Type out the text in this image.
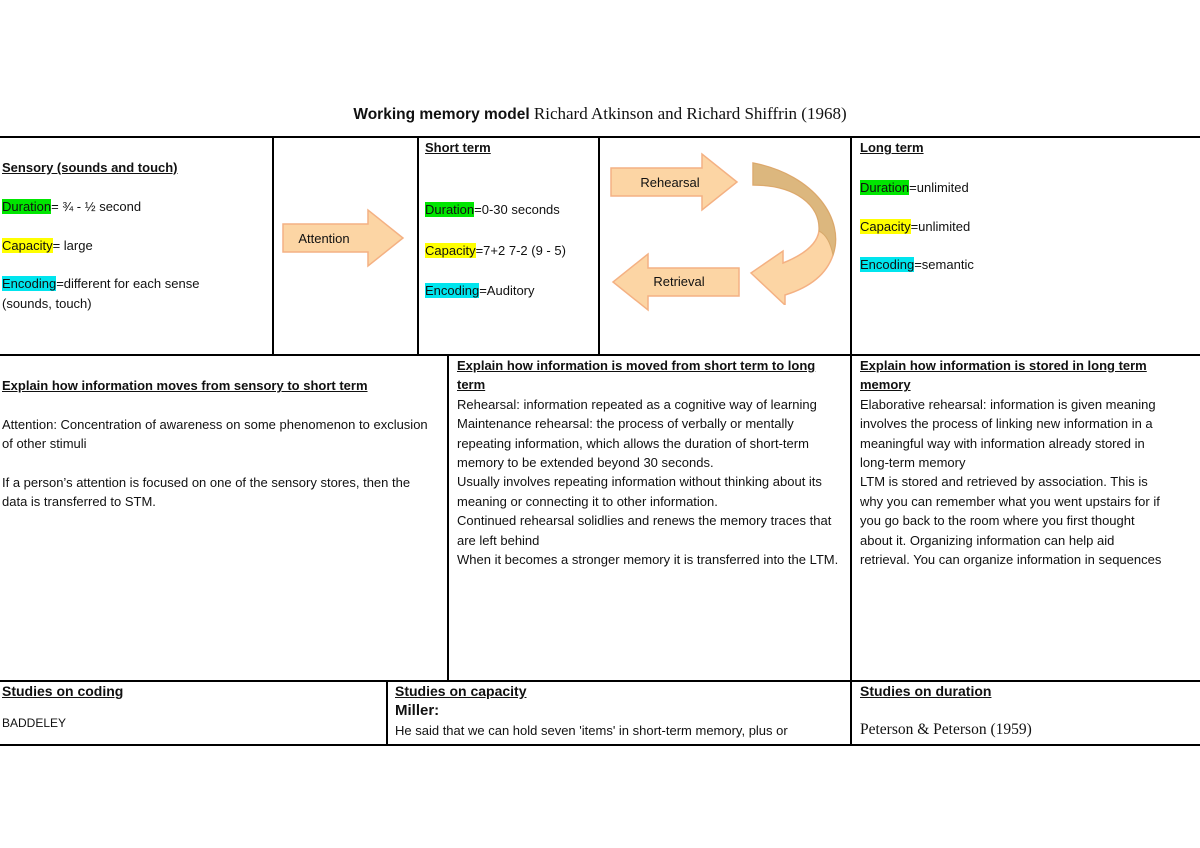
Working memory model Richard Atkinson and Richard Shiffrin (1968)

Sensory (sounds and touch)

Duration= ¾ - ½ second

Capacity= large

Encoding=different for each sense

(sounds, touch)

Attention

Short term

Duration=0-30 seconds

Capacity=7+2 7-2 (9 - 5)

Encoding=Auditory

Rehearsal
Retrieval

Long term

Duration=unlimited

Capacity=unlimited

Encoding=semantic

Explain how information moves from sensory to short term

Attention: Concentration of awareness on some phenomenon to exclusion of other stimuli

If a person’s attention is focused on one of the sensory stores, then the data is transferred to STM.

Explain how information is moved from short term to long term

Rehearsal: information repeated as a cognitive way of learning

Maintenance rehearsal: the process of verbally or mentally repeating information, which allows the duration of short-term memory to be extended beyond 30 seconds.

Usually involves repeating information without thinking about its meaning or connecting it to other information.

Continued rehearsal solidlies and renews the memory traces that are left behind

When it becomes a stronger memory it is transferred into the LTM.

Explain how information is stored in long term memory

Elaborative rehearsal: information is given meaning

involves the process of linking new information in a meaningful way with information already stored in long-term memory

LTM is stored and retrieved by association. This is why you can remember what you went upstairs for if you go back to the room where you first thought about it. Organizing information can help aid retrieval. You can organize information in sequences

Studies on coding

BADDELEY

Studies on capacity

Miller:

He said that we can hold seven 'items' in short-term memory, plus or

Studies on duration

Peterson & Peterson (1959)
